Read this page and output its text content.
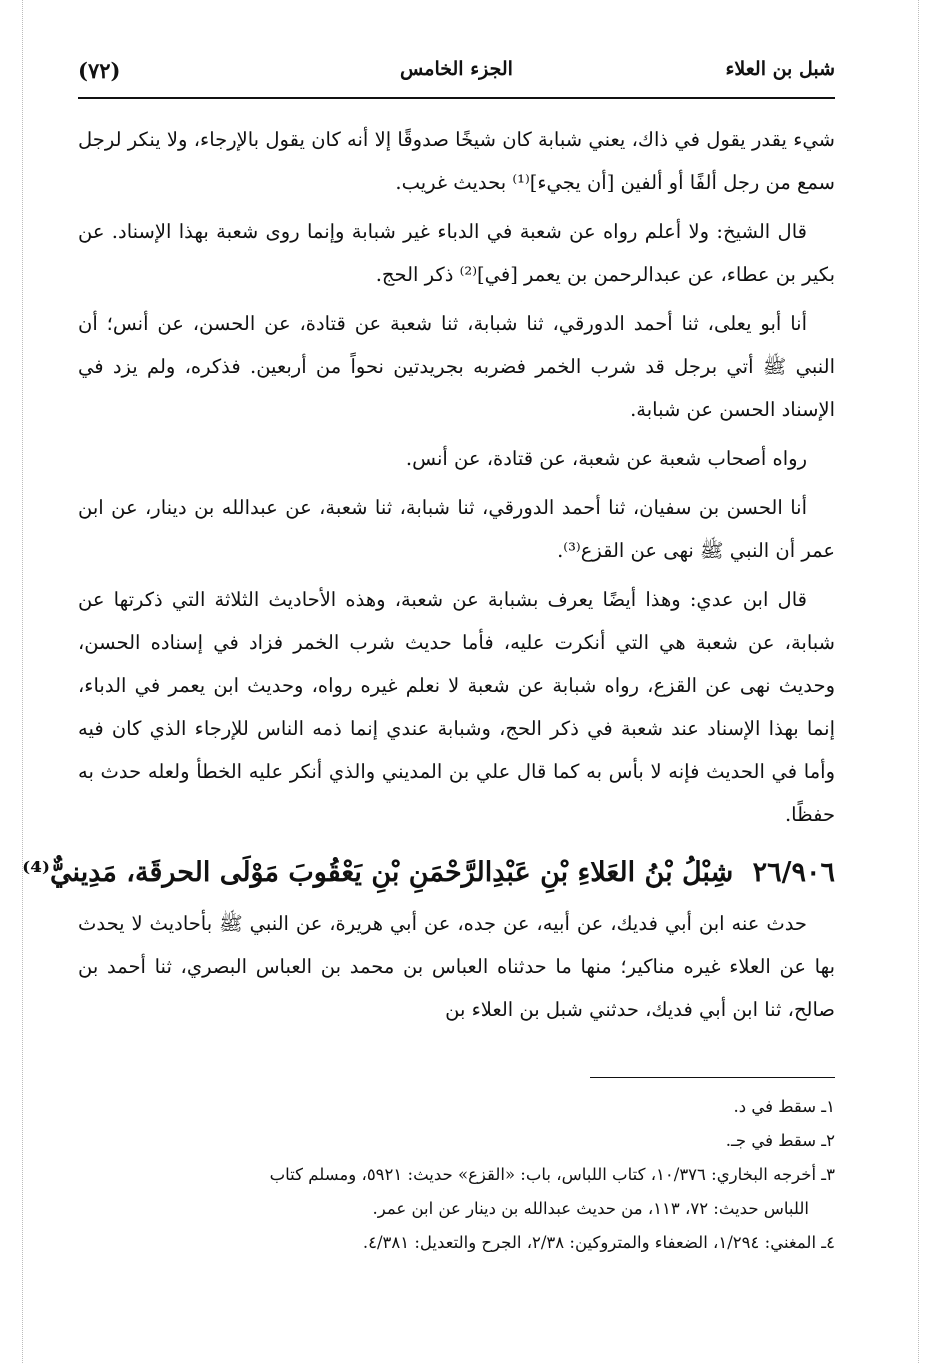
شبل بن العلاء
الجزء الخامس
(٧٢)

شيء يقدر يقول في ذاك، يعني شبابة كان شيخًا صدوقًا إلا أنه كان يقول بالإرجاء، ولا ينكر لرجل سمع من رجل ألفًا أو ألفين [أن يجيء]⁽¹⁾ بحديث غريب.

قال الشيخ: ولا أعلم رواه عن شعبة في الدباء غير شبابة وإنما روى شعبة بهذا الإسناد. عن بكير بن عطاء، عن عبدالرحمن بن يعمر [في]⁽²⁾ ذكر الحج.

أنا أبو يعلى، ثنا أحمد الدورقي، ثنا شبابة، ثنا شعبة عن قتادة، عن الحسن، عن أنس؛ أن النبي ﷺ أتي برجل قد شرب الخمر فضربه بجريدتين نحواً من أربعين. فذكره، ولم يزد في الإسناد الحسن عن شبابة.

رواه أصحاب شعبة عن شعبة، عن قتادة، عن أنس.

أنا الحسن بن سفيان، ثنا أحمد الدورقي، ثنا شبابة، ثنا شعبة، عن عبدالله بن دينار، عن ابن عمر أن النبي ﷺ نهى عن القزع⁽³⁾.

قال ابن عدي: وهذا أيضًا يعرف بشبابة عن شعبة، وهذه الأحاديث الثلاثة التي ذكرتها عن شبابة، عن شعبة هي التي أنكرت عليه، فأما حديث شرب الخمر فزاد في إسناده الحسن، وحديث نهى عن القزع، رواه شبابة عن شعبة لا نعلم غيره رواه، وحديث ابن يعمر في الدباء، إنما بهذا الإسناد عند شعبة في ذكر الحج، وشبابة عندي إنما ذمه الناس للإرجاء الذي كان فيه وأما في الحديث فإنه لا بأس به كما قال علي بن المديني والذي أنكر عليه الخطأ ولعله حدث به حفظًا.

٢٦/٩٠٦ شِبْلُ بْنُ العَلاءِ بْنِ عَبْدِالرَّحْمَنِ بْنِ يَعْقُوبَ مَوْلَى الحرقَة، مَدِينيٌّ⁽⁴⁾

حدث عنه ابن أبي فديك، عن أبيه، عن جده، عن أبي هريرة، عن النبي ﷺ بأحاديث لا يحدث بها عن العلاء غيره مناكير؛ منها ما حدثناه العباس بن محمد بن العباس البصري، ثنا أحمد بن صالح، ثنا ابن أبي فديك، حدثني شبل بن العلاء بن

١ـ سقط في د.

٢ـ سقط في جـ.

٣ـ أخرجه البخاري: ١٠/٣٧٦، كتاب اللباس، باب: «القزع» حديث: ٥٩٢١، ومسلم كتاب

اللباس حديث: ٧٢، ١١٣، من حديث عبدالله بن دينار عن ابن عمر.

٤ـ المغني: ١/٢٩٤، الضعفاء والمتروكين: ٢/٣٨، الجرح والتعديل: ٤/٣٨١.
